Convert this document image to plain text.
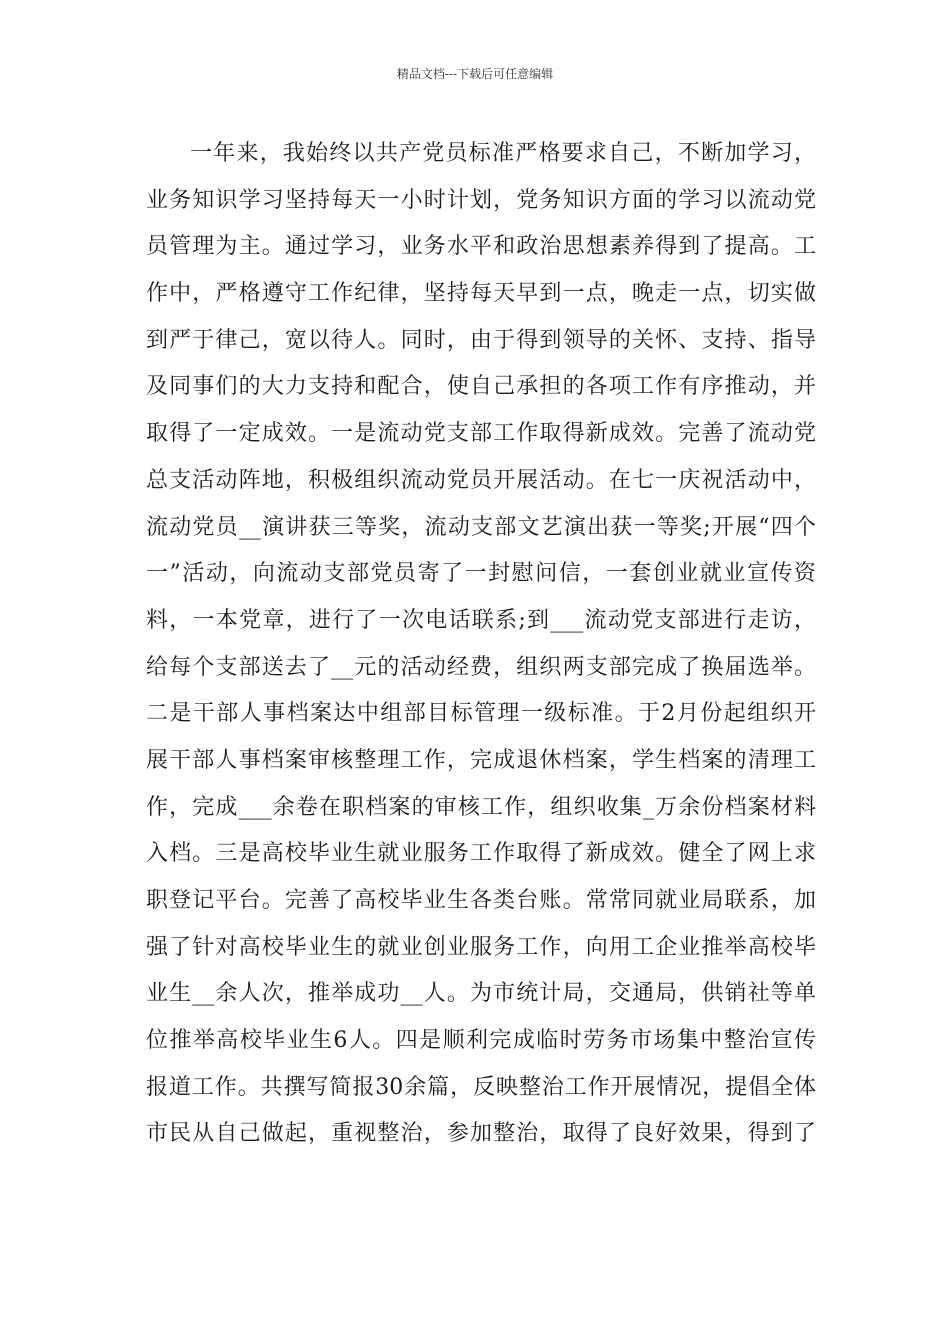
精品文档---下载后可任意编辑
一年来，我始终以共产党员标准严格要求自己，不断加学习，
业务知识学习坚持每天一小时计划，党务知识方面的学习以流动党
员管理为主。通过学习，业务水平和政治思想素养得到了提高。工
作中，严格遵守工作纪律，坚持每天早到一点，晚走一点，切实做
到严于律己，宽以待人。同时，由于得到领导的关怀、支持、指导
及同事们的大力支持和配合，使自己承担的各项工作有序推动，并
取得了一定成效。一是流动党支部工作取得新成效。完善了流动党
总支活动阵地，积极组织流动党员开展活动。在七一庆祝活动中，
流动党员__演讲获三等奖，流动支部文艺演出获一等奖;开展“四个
一”活动，向流动支部党员寄了一封慰问信，一套创业就业宣传资
料，一本党章，进行了一次电话联系;到___流动党支部进行走访，
给每个支部送去了__元的活动经费，组织两支部完成了换届选举。
二是干部人事档案达中组部目标管理一级标准。于2月份起组织开
展干部人事档案审核整理工作，完成退休档案，学生档案的清理工
作，完成___余卷在职档案的审核工作，组织收集_万余份档案材料
入档。三是高校毕业生就业服务工作取得了新成效。健全了网上求
职登记平台。完善了高校毕业生各类台账。常常同就业局联系，加
强了针对高校毕业生的就业创业服务工作，向用工企业推举高校毕
业生__余人次，推举成功__人。为市统计局，交通局，供销社等单
位推举高校毕业生6人。四是顺利完成临时劳务市场集中整治宣传
报道工作。共撰写简报30余篇，反映整治工作开展情况，提倡全体
市民从自己做起，重视整治，参加整治，取得了良好效果，得到了
